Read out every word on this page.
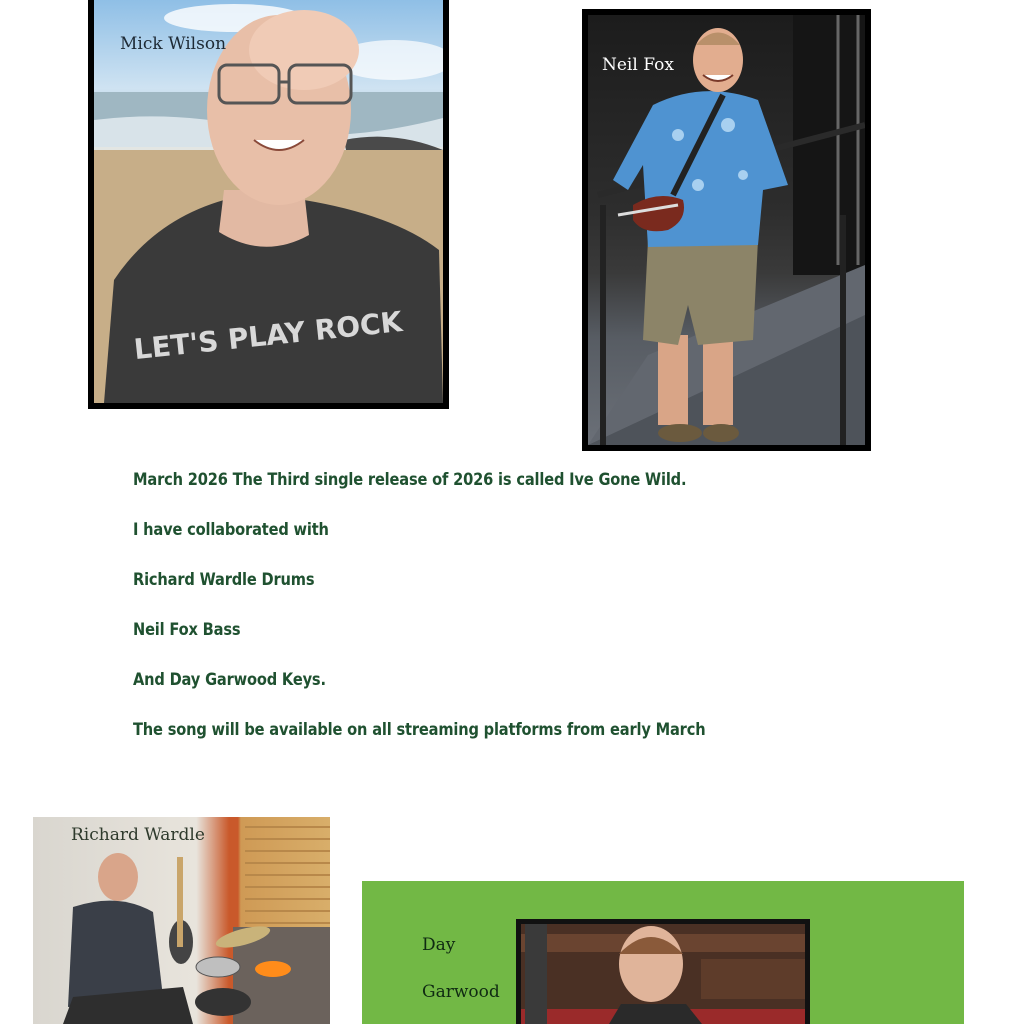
LET'S PLAY ROCK
Mick Wilson
Neil Fox
March 2026 The Third single release of 2026 is called Ive Gone Wild.
I have collaborated with
Richard Wardle Drums
Neil Fox Bass
And Day Garwood Keys.
The song will be available on all streaming platforms from early March
Richard Wardle
Day
Garwood
